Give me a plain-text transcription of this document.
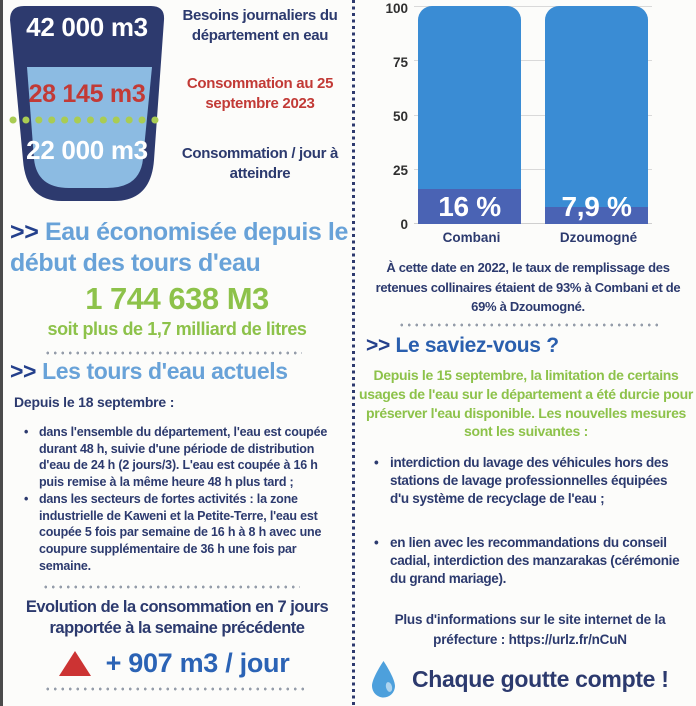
42 000 m3
28 145 m3
22 000 m3
Besoins journaliers du département en eau
Consommation au 25 septembre 2023
Consommation / jour à atteindre
>> Eau économisée depuis le début des tours d'eau
1 744 638 M3
soit plus de 1,7 milliard de litres
>> Les tours d'eau actuels
Depuis le 18 septembre :
• dans l'ensemble du département, l'eau est coupée durant 48 h, suivie d'une période de distribution d'eau de 24 h (2 jours/3). L'eau est coupée à 16 h puis remise à la même heure 48 h plus tard ;
• dans les secteurs de fortes activités : la zone industrielle de Kaweni et la Petite-Terre, l'eau est coupée 5 fois par semaine de 16 h à 8 h avec une coupure supplémentaire de 36 h une fois par semaine.
Evolution de la consommation en 7 jours rapportée à la semaine précédente
+ 907 m3 / jour
100
75
50
25
0
16 %	7,9 %
Combani	Dzoumogné
À cette date en 2022, le taux de remplissage des retenues collinaires étaient de 93% à Combani et de 69% à Dzoumogné.
>> Le saviez-vous ?
Depuis le 15 septembre, la limitation de certains usages de l'eau sur le département a été durcie pour préserver l'eau disponible. Les nouvelles mesures sont les suivantes :
• interdiction du lavage des véhicules hors des stations de lavage professionnelles équipées d'u système de recyclage de l'eau ;
• en lien avec les recommandations du conseil cadial, interdiction des manzarakas (cérémonie du grand mariage).
Plus d'informations sur le site internet de la préfecture : https://urlz.fr/nCuN
Chaque goutte compte !
